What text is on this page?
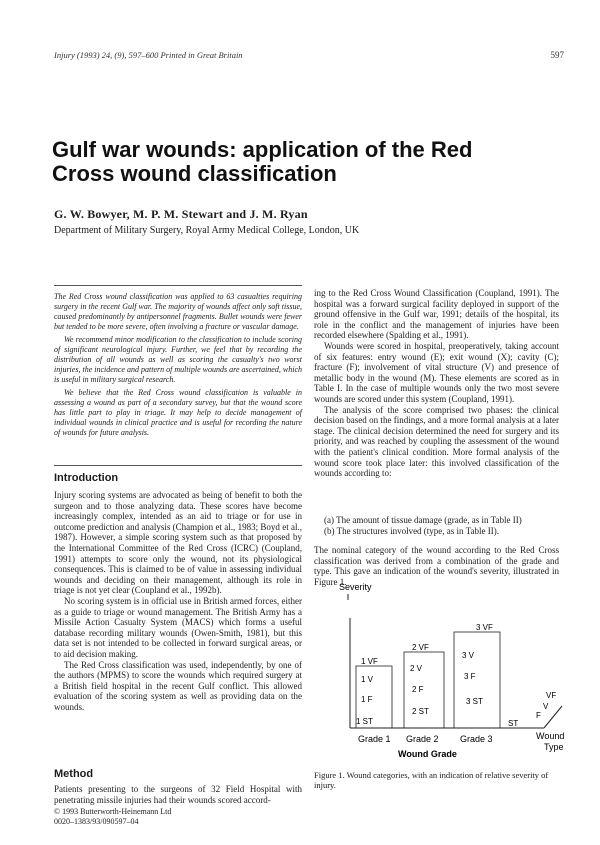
Injury (1993) 24, (9), 597–600 Printed in Great Britain	597
Gulf war wounds: application of the Red Cross wound classification
G. W. Bowyer, M. P. M. Stewart and J. M. Ryan
Department of Military Surgery, Royal Army Medical College, London, UK

The Red Cross wound classification was applied to 63 casualties requiring surgery in the recent Gulf war. The majority of wounds affect only soft tissue, caused predominantly by antipersonnel fragments. Bullet wounds were fewer but tended to be more severe, often involving a fracture or vascular damage.

We recommend minor modification to the classification to include scoring of significant neurological injury. Further, we feel that by recording the distribution of all wounds as well as scoring the casualty's two worst injuries, the incidence and pattern of multiple wounds are ascertained, which is useful in military surgical research.

We believe that the Red Cross wound classification is valuable in assessing a wound as part of a secondary survey, but that the wound score has little part to play in triage. It may help to decide management of individual wounds in clinical practice and is useful for recording the nature of wounds for future analysis.

Introduction

Injury scoring systems are advocated as being of benefit to both the surgeon and to those analyzing data. These scores have become increasingly complex, intended as an aid to triage or for use in outcome prediction and analysis (Champion et al., 1983; Boyd et al., 1987). However, a simple scoring system such as that proposed by the International Committee of the Red Cross (ICRC) (Coupland, 1991) attempts to score only the wound, not its physiological consequences. This is claimed to be of value in assessing individual wounds and deciding on their management, although its role in triage is not yet clear (Coupland et al., 1992b).

No scoring system is in official use in British armed forces, either as a guide to triage or wound management. The British Army has a Missile Action Casualty System (MACS) which forms a useful database recording military wounds (Owen-Smith, 1981), but this data set is not intended to be collected in forward surgical areas, or to aid decision making.

The Red Cross classification was used, independently, by one of the authors (MPMS) to score the wounds which required surgery at a British field hospital in the recent Gulf conflict. This allowed evaluation of the scoring system as well as providing data on the wounds.

Method

Patients presenting to the surgeons of 32 Field Hospital with penetrating missile injuries had their wounds scored accord-

© 1993 Butterworth-Heinemann Ltd
0020–1383/93/090597–04

ing to the Red Cross Wound Classification (Coupland, 1991). The hospital was a forward surgical facility deployed in support of the ground offensive in the Gulf war, 1991; details of the hospital, its role in the conflict and the management of injuries have been recorded elsewhere (Spalding et al., 1991).

Wounds were scored in hospital, preoperatively, taking account of six features: entry wound (E); exit wound (X); cavity (C); fracture (F); involvement of vital structure (V) and presence of metallic body in the wound (M). These elements are scored as in Table I. In the case of multiple wounds only the two most severe wounds are scored under this system (Coupland, 1991).

The analysis of the score comprised two phases: the clinical decision based on the findings, and a more formal analysis at a later stage. The clinical decision determined the need for surgery and its priority, and was reached by coupling the assessment of the wound with the patient's clinical condition. More formal analysis of the wound score took place later: this involved classification of the wounds according to:

(a) The amount of tissue damage (grade, as in Table II)
(b) The structures involved (type, as in Table II).

The nominal category of the wound according to the Red Cross classification was derived from a combination of the grade and type. This gave an indication of the wound's severity, illustrated in Figure 1.

Severity
1 VF
1 V
1 F
1 ST
2 VF
2 V
2 F
2 ST
3 VF
3 V
3 F
3 ST
ST
F
V
VF
Wound
Type
Grade 1 Grade 2 Grade 3
Wound Grade
Figure 1. Wound categories, with an indication of relative severity of injury.
